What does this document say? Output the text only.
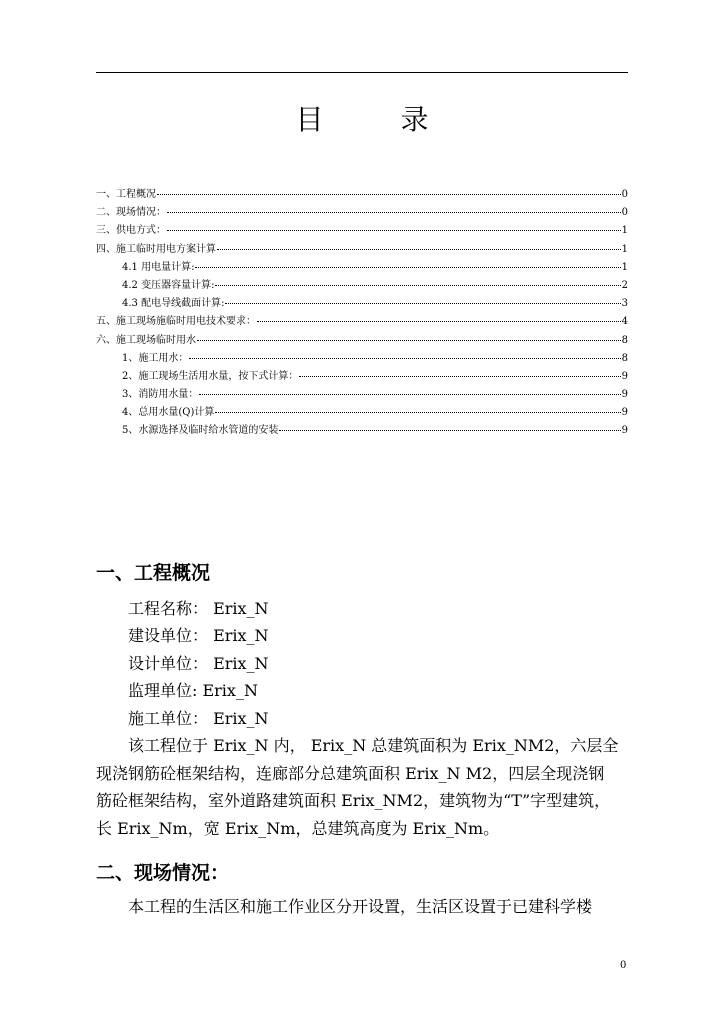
目 录
一、工程概况	0
二、现场情况：	0
三、供电方式：	1
四、施工临时用电方案计算	1
4.1 用电量计算:	1
4.2 变压器容量计算:	2
4.3 配电导线截面计算:	3
五、施工现场施临时用电技术要求：	4
六、施工现场临时用水	8
1、施工用水：	8
2、施工现场生活用水量，按下式计算：	9
3、消防用水量：	9
4、总用水量(Q)计算	9
5、水源选择及临时给水管道的安装	9
一、工程概况
工程名称： Erix_N
建设单位： Erix_N
设计单位： Erix_N
监理单位: Erix_N
施工单位： Erix_N
该工程位于 Erix_N 内， Erix_N 总建筑面积为 Erix_NM2，六层全
现浇钢筋砼框架结构，连廊部分总建筑面积 Erix_N M2，四层全现浇钢
筋砼框架结构，室外道路建筑面积 Erix_NM2，建筑物为“T”字型建筑，
长 Erix_Nm，宽 Erix_Nm，总建筑高度为 Erix_Nm。
二、现场情况：
本工程的生活区和施工作业区分开设置，生活区设置于已建科学楼
0
